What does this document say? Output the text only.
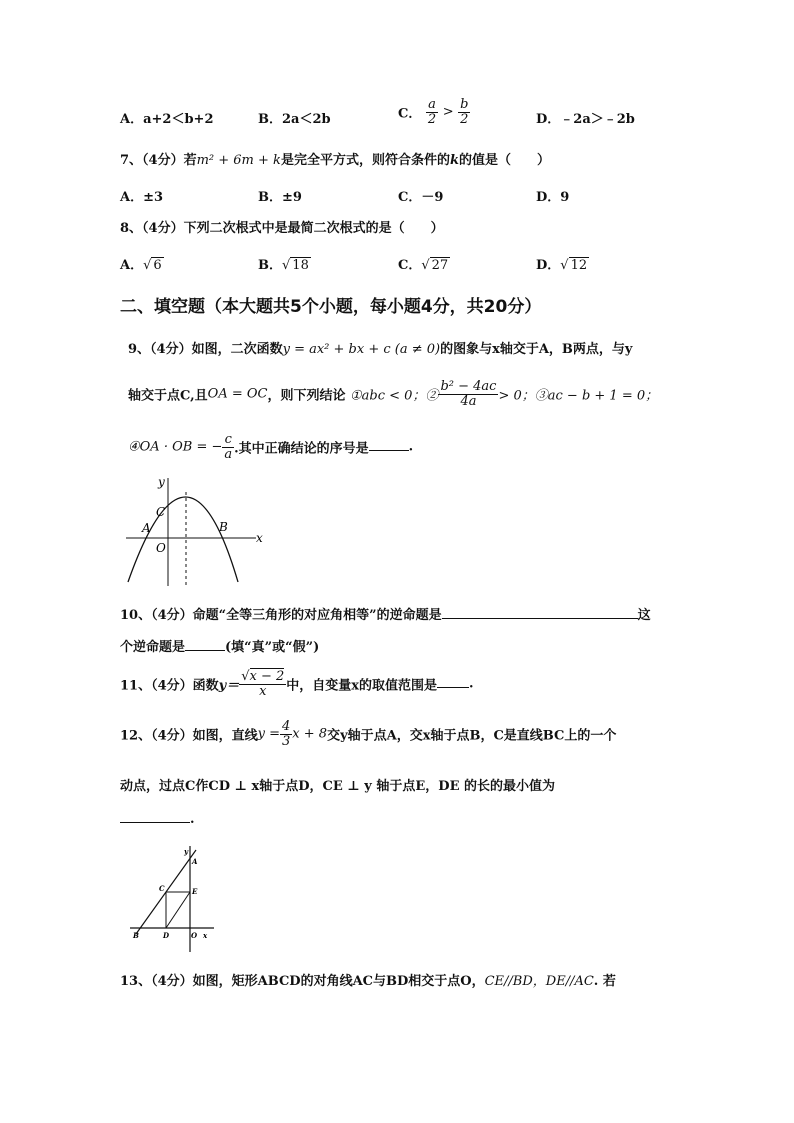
A．a+2＜b+2	B．2a＜2b	C． $\frac{a}{2} > \frac{b}{2}$	D．﹣2a＞﹣2b
7、（4分）若m² + 6m + k是完全平方式，则符合条件的k的值是（　　）
A．±3	B．±9	C．－9	D．9
8、（4分）下列二次根式中是最简二次根式的是（　　）
A．√ 6	B．√ 18	C．√ 27	D．√ 12
二、填空题（本大题共5个小题，每小题4分，共20分）
9、（4分）如图，二次函数y = ax² + bx + c (a ≠ 0)的图象与x轴交于A，B两点，与y
轴交于点C,且OA = OC，则下列结论 ①abc < 0；② $\frac{\text{b² − 4ac}}{4a} > 0$；③ac − b + 1 = 0；
④OA · OB = − $\frac{c}{a}$ .其中正确结论的序号是	.
y
x
C
A	B
O
10、（4分）命题“全等三角形的对应角相等”的逆命题是	这
个逆命题是	(填“真”或“假”)
11、（4分）函数$y= \frac{√x - 2}{x}$ 中，自变量x的取值范围是 .
12、（4分）如图，直线$y = \frac{4}{3}$ x + 8交y轴于点A，交x轴于点B，C是直线BC上的一个
动点，过点C作CD ⊥ x轴于点D，CE ⊥ y 轴于点E，DE 的长的最小值为
.
y
A
C	E
B	D	O x
13、（4分）如图，矩形ABCD的对角线AC与BD相交于点O，CE//BD，DE//AC. 若
